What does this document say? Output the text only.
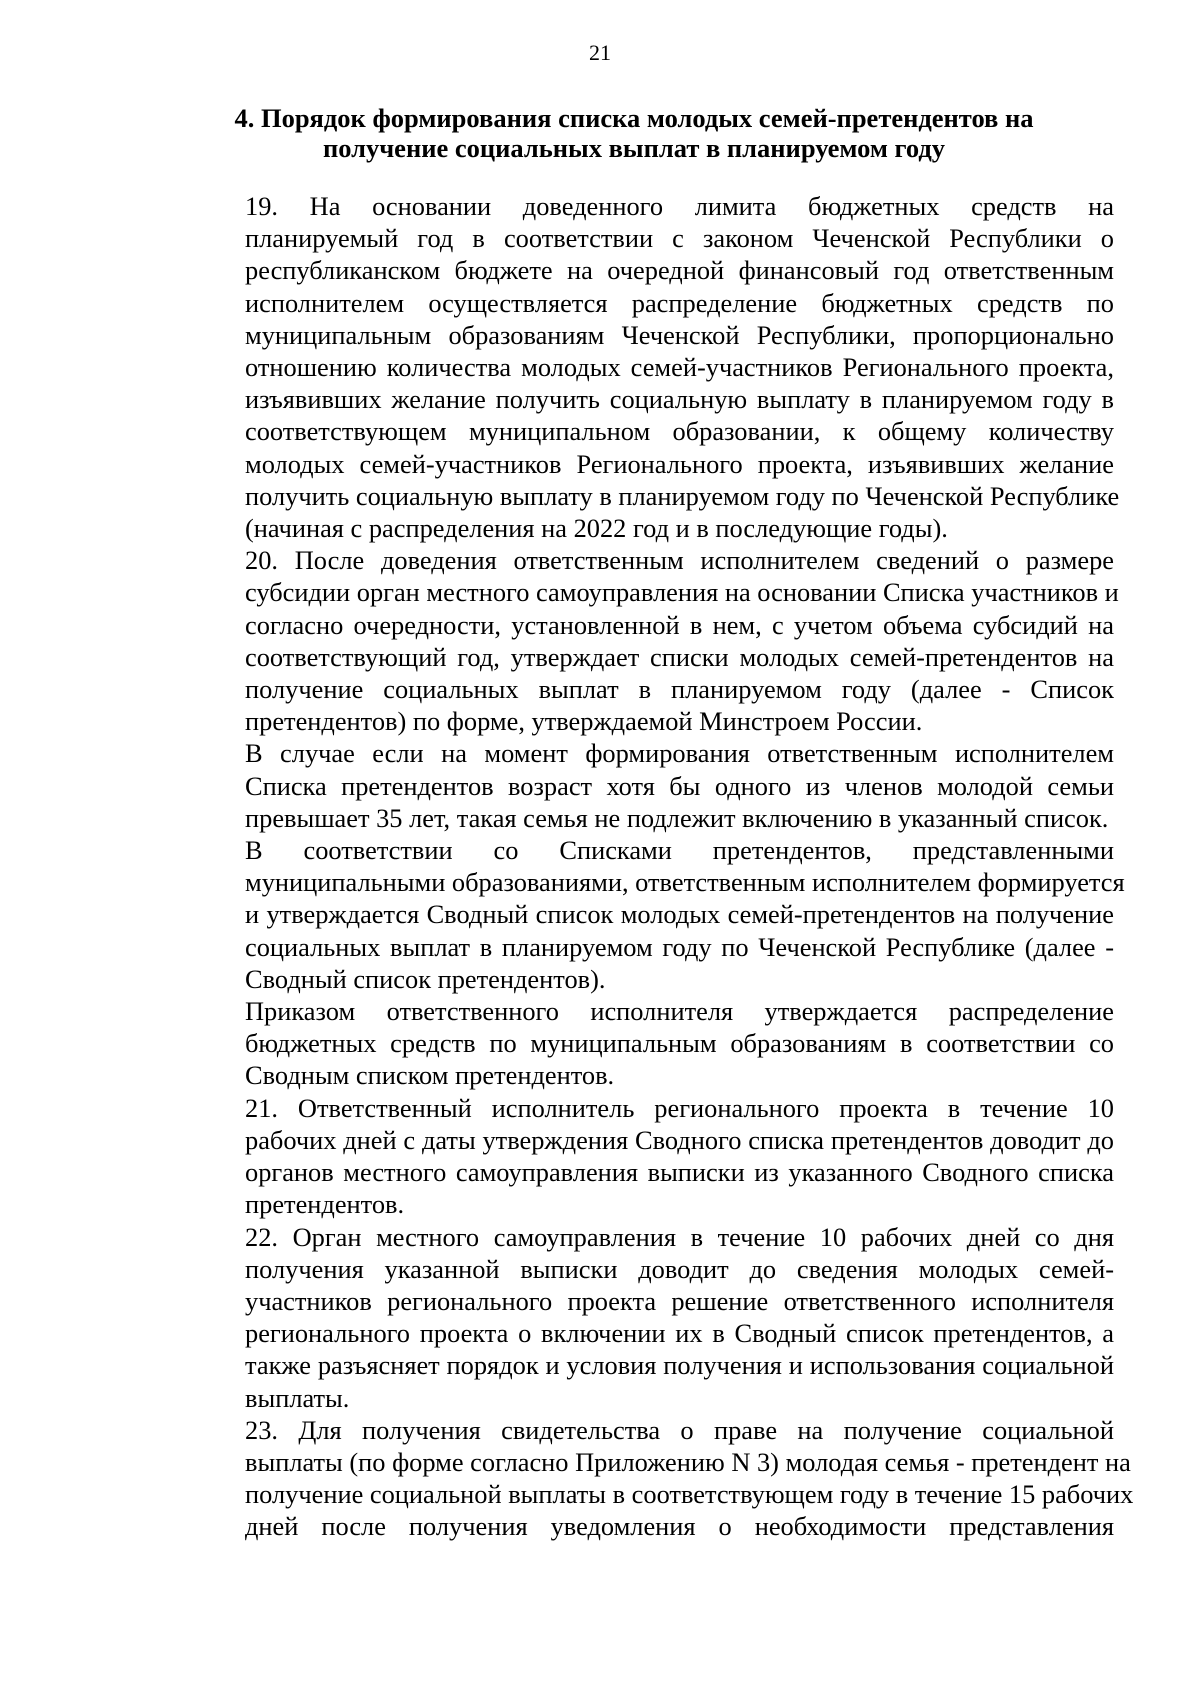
21
4. Порядок формирования списка молодых семей-претендентов на
получение социальных выплат в планируемом году

19. На основании доведенного лимита бюджетных средств на
планируемый год в соответствии с законом Чеченской Республики о
республиканском бюджете на очередной финансовый год ответственным
исполнителем осуществляется распределение бюджетных средств по
муниципальным образованиям Чеченской Республики, пропорционально
отношению количества молодых семей-участников Регионального проекта,
изъявивших желание получить социальную выплату в планируемом году в
соответствующем муниципальном образовании, к общему количеству
молодых семей-участников Регионального проекта, изъявивших желание
получить социальную выплату в планируемом году по Чеченской Республике
(начиная с распределения на 2022 год и в последующие годы).

20. После доведения ответственным исполнителем сведений о размере
субсидии орган местного самоуправления на основании Списка участников и
согласно очередности, установленной в нем, с учетом объема субсидий на
соответствующий год, утверждает списки молодых семей-претендентов на
получение социальных выплат в планируемом году (далее - Список
претендентов) по форме, утверждаемой Минстроем России.

В случае если на момент формирования ответственным исполнителем
Списка претендентов возраст хотя бы одного из членов молодой семьи
превышает 35 лет, такая семья не подлежит включению в указанный список.

В соответствии со Списками претендентов, представленными
муниципальными образованиями, ответственным исполнителем формируется
и утверждается Сводный список молодых семей-претендентов на получение
социальных выплат в планируемом году по Чеченской Республике (далее -
Сводный список претендентов).

Приказом ответственного исполнителя утверждается распределение
бюджетных средств по муниципальным образованиям в соответствии со
Сводным списком претендентов.

21. Ответственный исполнитель регионального проекта в течение 10
рабочих дней с даты утверждения Сводного списка претендентов доводит до
органов местного самоуправления выписки из указанного Сводного списка
претендентов.

22. Орган местного самоуправления в течение 10 рабочих дней со дня
получения указанной выписки доводит до сведения молодых семей-
участников регионального проекта решение ответственного исполнителя
регионального проекта о включении их в Сводный список претендентов, а
также разъясняет порядок и условия получения и использования социальной
выплаты.

23. Для получения свидетельства о праве на получение социальной
выплаты (по форме согласно Приложению N 3) молодая семья - претендент на
получение социальной выплаты в соответствующем году в течение 15 рабочих
дней после получения уведомления о необходимости представления
